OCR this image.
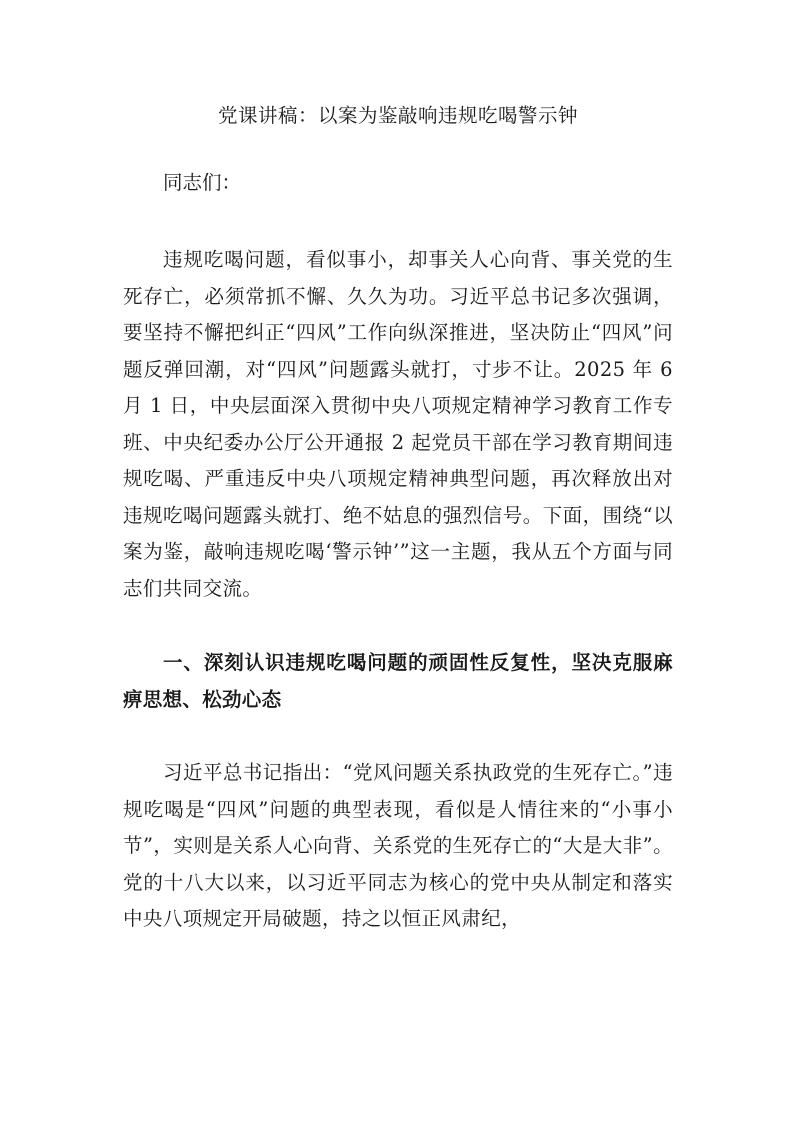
党课讲稿：以案为鉴敲响违规吃喝警示钟
同志们：

违规吃喝问题，看似事小，却事关人心向背、事关党的生死存亡，必须常抓不懈、久久为功。习近平总书记多次强调，要坚持不懈把纠正“四风”工作向纵深推进，坚决防止“四风”问题反弹回潮，对“四风”问题露头就打，寸步不让。2025 年 6 月 1 日，中央层面深入贯彻中央八项规定精神学习教育工作专班、中央纪委办公厅公开通报 2 起党员干部在学习教育期间违规吃喝、严重违反中央八项规定精神典型问题，再次释放出对违规吃喝问题露头就打、绝不姑息的强烈信号。下面，围绕“以案为鉴，敲响违规吃喝‘警示钟’”这一主题，我从五个方面与同志们共同交流。

一、深刻认识违规吃喝问题的顽固性反复性，坚决克服麻痹思想、松劲心态

习近平总书记指出：“党风问题关系执政党的生死存亡。”违规吃喝是“四风”问题的典型表现，看似是人情往来的“小事小节”，实则是关系人心向背、关系党的生死存亡的“大是大非”。党的十八大以来，以习近平同志为核心的党中央从制定和落实中央八项规定开局破题，持之以恒正风肃纪，
